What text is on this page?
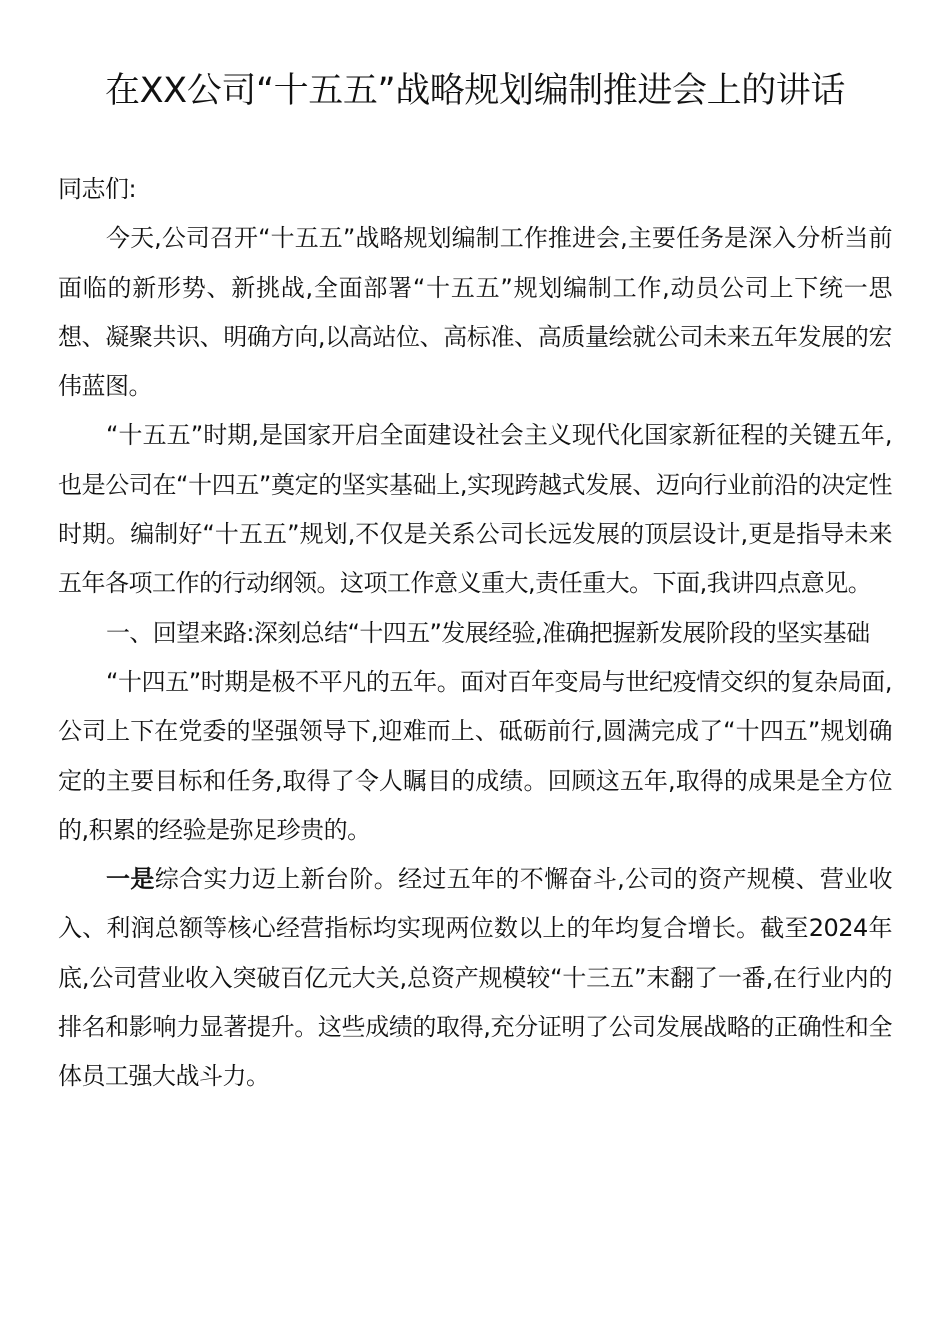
在XX公司“十五五”战略规划编制推进会上的讲话

同志们:

今天,公司召开“十五五”战略规划编制工作推进会,主要任务是深入分析当前面临的新形势、新挑战,全面部署“十五五”规划编制工作,动员公司上下统一思想、凝聚共识、明确方向,以高站位、高标准、高质量绘就公司未来五年发展的宏伟蓝图。

“十五五”时期,是国家开启全面建设社会主义现代化国家新征程的关键五年,也是公司在“十四五”奠定的坚实基础上,实现跨越式发展、迈向行业前沿的决定性时期。编制好“十五五”规划,不仅是关系公司长远发展的顶层设计,更是指导未来五年各项工作的行动纲领。这项工作意义重大,责任重大。下面,我讲四点意见。

一、回望来路:深刻总结“十四五”发展经验,准确把握新发展阶段的坚实基础

“十四五”时期是极不平凡的五年。面对百年变局与世纪疫情交织的复杂局面,公司上下在党委的坚强领导下,迎难而上、砥砺前行,圆满完成了“十四五”规划确定的主要目标和任务,取得了令人瞩目的成绩。回顾这五年,取得的成果是全方位的,积累的经验是弥足珍贵的。

一是综合实力迈上新台阶。经过五年的不懈奋斗,公司的资产规模、营业收入、利润总额等核心经营指标均实现两位数以上的年均复合增长。截至2024年底,公司营业收入突破百亿元大关,总资产规模较“十三五”末翻了一番,在行业内的排名和影响力显著提升。这些成绩的取得,充分证明了公司发展战略的正确性和全体员工强大战斗力。
